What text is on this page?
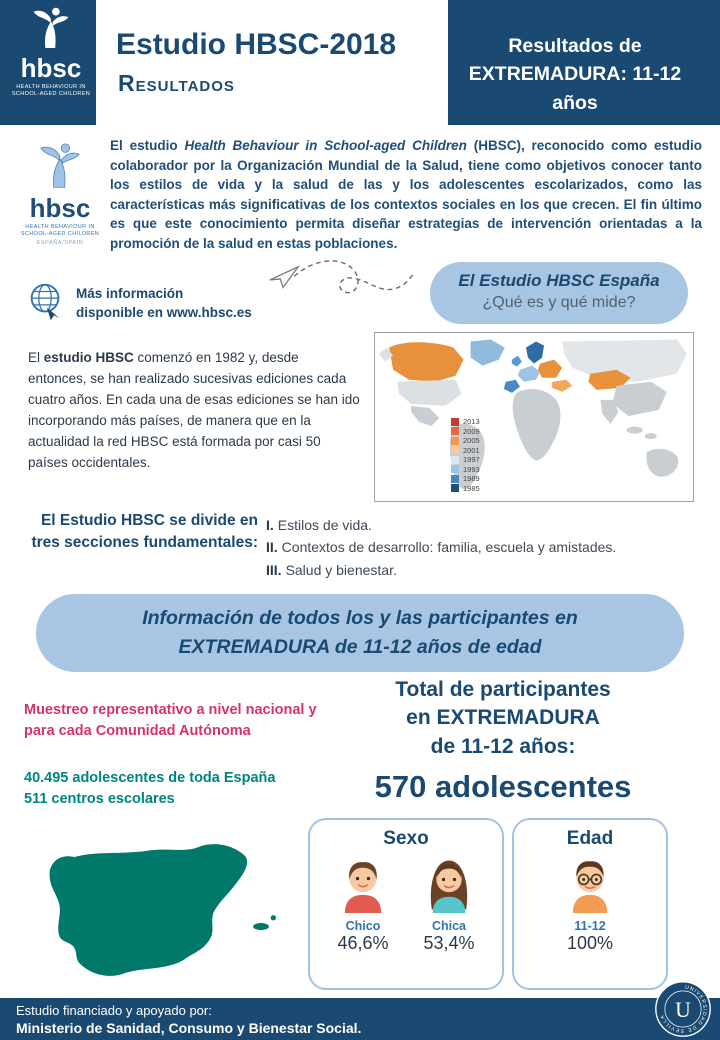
hbsc
HEALTH BEHAVIOUR IN
SCHOOL-AGED CHILDREN
Estudio HBSC-2018
RESULTADOS
Resultados de
EXTREMADURA: 11-12 años
hbsc
HEALTH BEHAVIOUR IN
SCHOOL-AGED CHILDREN
ESPAÑA/SPAIN
El estudio Health Behaviour in School-aged Children (HBSC), reconocido como estudio colaborador por la Organización Mundial de la Salud, tiene como objetivos conocer tanto los estilos de vida y la salud de las y los adolescentes escolarizados, como las características más significativas de los contextos sociales en los que crecen. El fin último es que este conocimiento permita diseñar estrategias de intervención orientadas a la promoción de la salud en estas poblaciones.
Más información
disponible en www.hbsc.es
El Estudio HBSC España
¿Qué es y qué mide?
El estudio HBSC comenzó en 1982 y, desde entonces, se han realizado sucesivas ediciones cada cuatro años. En cada una de esas ediciones se han ido incorporando más países, de manera que en la actualidad la red HBSC está formada por casi 50 países occidentales.
2013
2009
2005
2001
1997
1993
1989
1985
El Estudio HBSC se divide en tres secciones fundamentales:
I. Estilos de vida.
II. Contextos de desarrollo: familia, escuela y amistades.
III. Salud y bienestar.
Información de todos los y las participantes en
EXTREMADURA de 11-12 años de edad
Muestreo representativo a nivel nacional y para cada Comunidad Autónoma
40.495 adolescentes de toda España
511 centros escolares
Total de participantes
en EXTREMADURA
de 11-12 años:
570 adolescentes
Sexo
Chico
46,6%
Chica
53,4%
Edad
11-12
100%
Estudio financiado y apoyado por:
Ministerio de Sanidad, Consumo y Bienestar Social.
UNIVERSIDAD DE SEVILLA U
